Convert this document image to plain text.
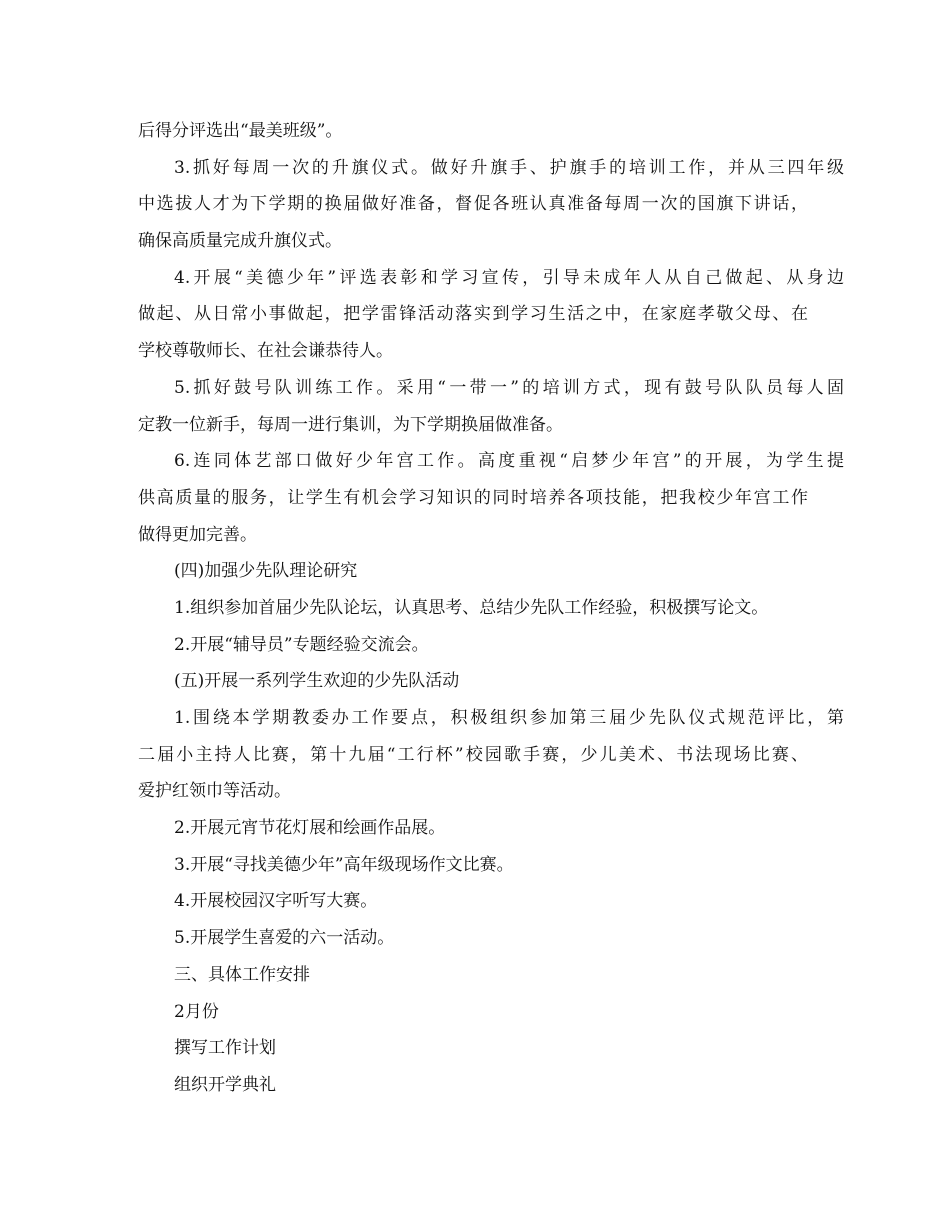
后得分评选出“最美班级”。
3.抓好每周一次的升旗仪式。做好升旗手、护旗手的培训工作，并从三四年级
中选拔人才为下学期的换届做好准备，督促各班认真准备每周一次的国旗下讲话，
确保高质量完成升旗仪式。
4.开展“美德少年”评选表彰和学习宣传，引导未成年人从自己做起、从身边
做起、从日常小事做起，把学雷锋活动落实到学习生活之中，在家庭孝敬父母、在
学校尊敬师长、在社会谦恭待人。
5.抓好鼓号队训练工作。采用“一带一”的培训方式，现有鼓号队队员每人固
定教一位新手，每周一进行集训，为下学期换届做准备。
6.连同体艺部口做好少年宫工作。高度重视“启梦少年宫”的开展，为学生提
供高质量的服务，让学生有机会学习知识的同时培养各项技能，把我校少年宫工作
做得更加完善。
(四)加强少先队理论研究
1.组织参加首届少先队论坛，认真思考、总结少先队工作经验，积极撰写论文。
2.开展“辅导员”专题经验交流会。
(五)开展一系列学生欢迎的少先队活动
1.围绕本学期教委办工作要点，积极组织参加第三届少先队仪式规范评比，第
二届小主持人比赛，第十九届“工行杯”校园歌手赛，少儿美术、书法现场比赛、
爱护红领巾等活动。
2.开展元宵节花灯展和绘画作品展。
3.开展“寻找美德少年”高年级现场作文比赛。
4.开展校园汉字听写大赛。
5.开展学生喜爱的六一活动。
三、具体工作安排
2月份
撰写工作计划
组织开学典礼
